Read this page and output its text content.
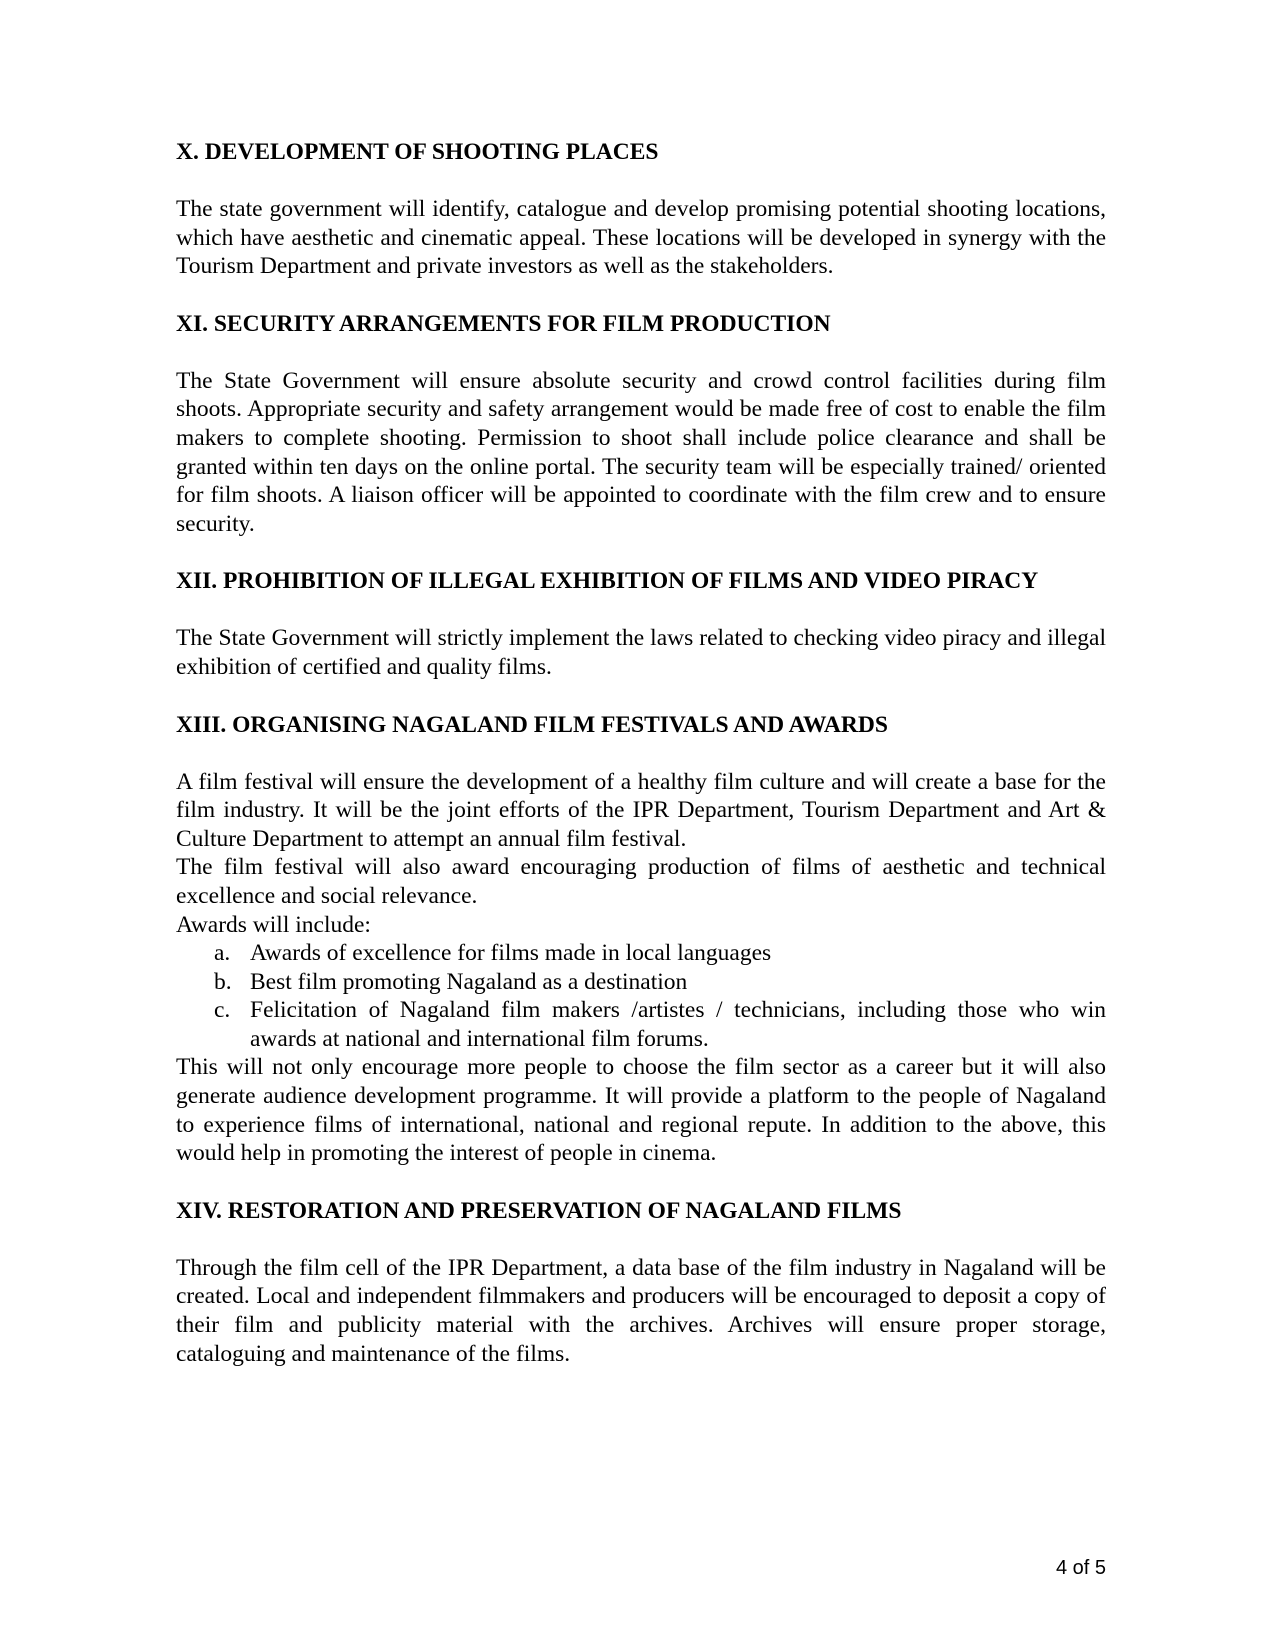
X. DEVELOPMENT OF SHOOTING PLACES

The state government will identify, catalogue and develop promising potential shooting locations, which have aesthetic and cinematic appeal. These locations will be developed in synergy with the Tourism Department and private investors as well as the stakeholders.

XI. SECURITY ARRANGEMENTS FOR FILM PRODUCTION

The State Government will ensure absolute security and crowd control facilities during film shoots. Appropriate security and safety arrangement would be made free of cost to enable the film makers to complete shooting. Permission to shoot shall include police clearance and shall be granted within ten days on the online portal. The security team will be especially trained/ oriented for film shoots. A liaison officer will be appointed to coordinate with the film crew and to ensure security.

XII. PROHIBITION OF ILLEGAL EXHIBITION OF FILMS AND VIDEO PIRACY

The State Government will strictly implement the laws related to checking video piracy and illegal exhibition of certified and quality films.

XIII. ORGANISING NAGALAND FILM FESTIVALS AND AWARDS

A film festival will ensure the development of a healthy film culture and will create a base for the film industry. It will be the joint efforts of the IPR Department, Tourism Department and Art & Culture Department to attempt an annual film festival.

The film festival will also award encouraging production of films of aesthetic and technical excellence and social relevance.

Awards will include:

a. Awards of excellence for films made in local languages
b. Best film promoting Nagaland as a destination
c. Felicitation of Nagaland film makers /artistes / technicians, including those who win awards at national and international film forums.

This will not only encourage more people to choose the film sector as a career but it will also generate audience development programme. It will provide a platform to the people of Nagaland to experience films of international, national and regional repute. In addition to the above, this would help in promoting the interest of people in cinema.

XIV. RESTORATION AND PRESERVATION OF NAGALAND FILMS

Through the film cell of the IPR Department, a data base of the film industry in Nagaland will be created. Local and independent filmmakers and producers will be encouraged to deposit a copy of their film and publicity material with the archives. Archives will ensure proper storage, cataloguing and maintenance of the films.

4 of 5
